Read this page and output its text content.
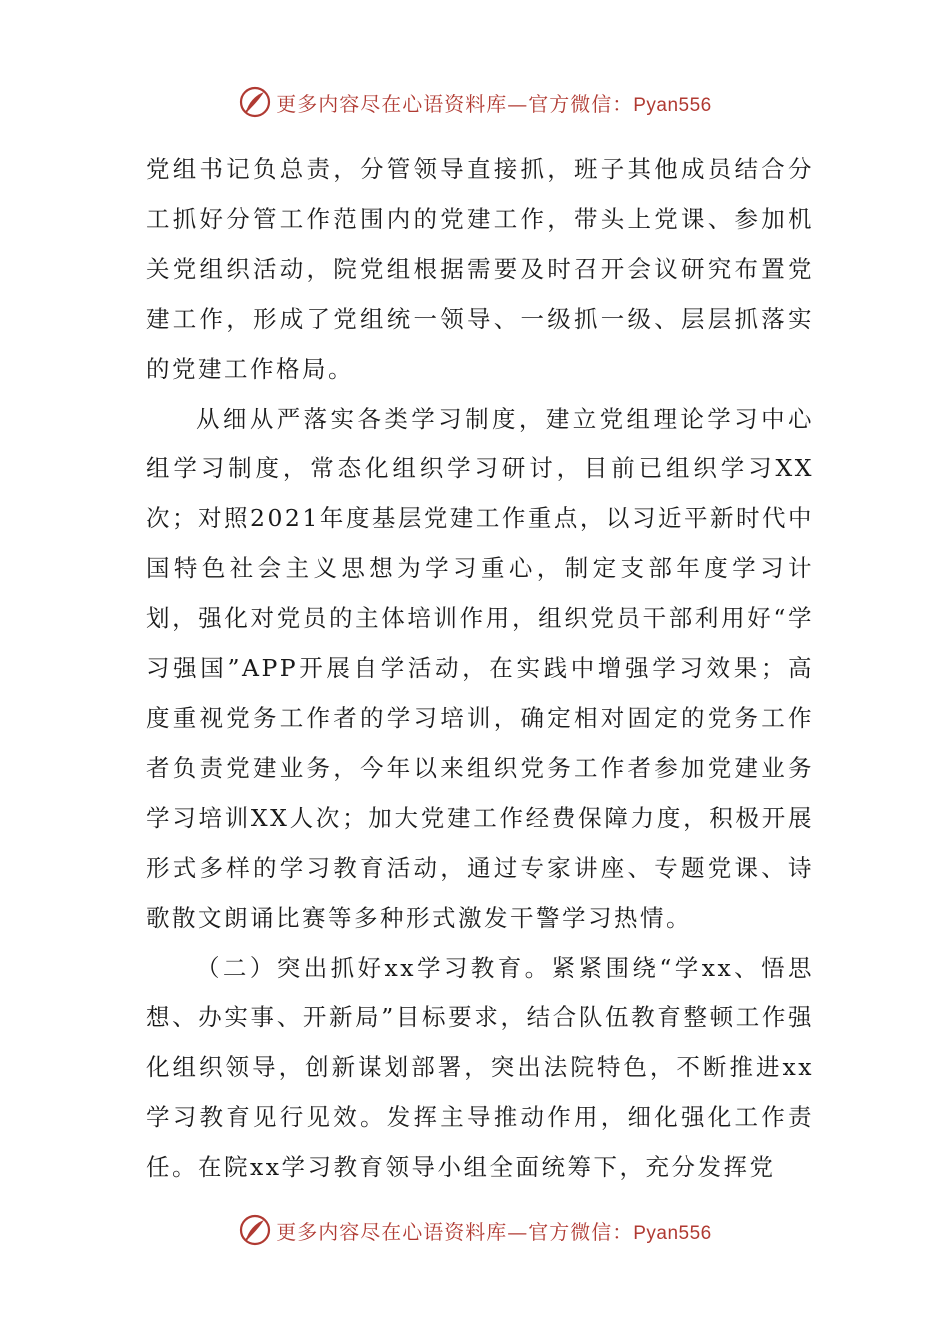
更多内容尽在心语资料库—官方微信：Pyan556

党组书记负总责，分管领导直接抓，班子其他成员结合分工抓好分管工作范围内的党建工作，带头上党课、参加机关党组织活动，院党组根据需要及时召开会议研究布置党建工作，形成了党组统一领导、一级抓一级、层层抓落实的党建工作格局。

从细从严落实各类学习制度，建立党组理论学习中心组学习制度，常态化组织学习研讨，目前已组织学习XX次；对照2021年度基层党建工作重点，以习近平新时代中国特色社会主义思想为学习重心，制定支部年度学习计划，强化对党员的主体培训作用，组织党员干部利用好“学习强国”APP开展自学活动，在实践中增强学习效果；高度重视党务工作者的学习培训，确定相对固定的党务工作者负责党建业务，今年以来组织党务工作者参加党建业务学习培训XX人次；加大党建工作经费保障力度，积极开展形式多样的学习教育活动，通过专家讲座、专题党课、诗歌散文朗诵比赛等多种形式激发干警学习热情。

（二）突出抓好xx学习教育。紧紧围绕“学xx、悟思想、办实事、开新局”目标要求，结合队伍教育整顿工作强化组织领导，创新谋划部署，突出法院特色，不断推进xx学习教育见行见效。发挥主导推动作用，细化强化工作责任。在院xx学习教育领导小组全面统筹下，充分发挥党

更多内容尽在心语资料库—官方微信：Pyan556
